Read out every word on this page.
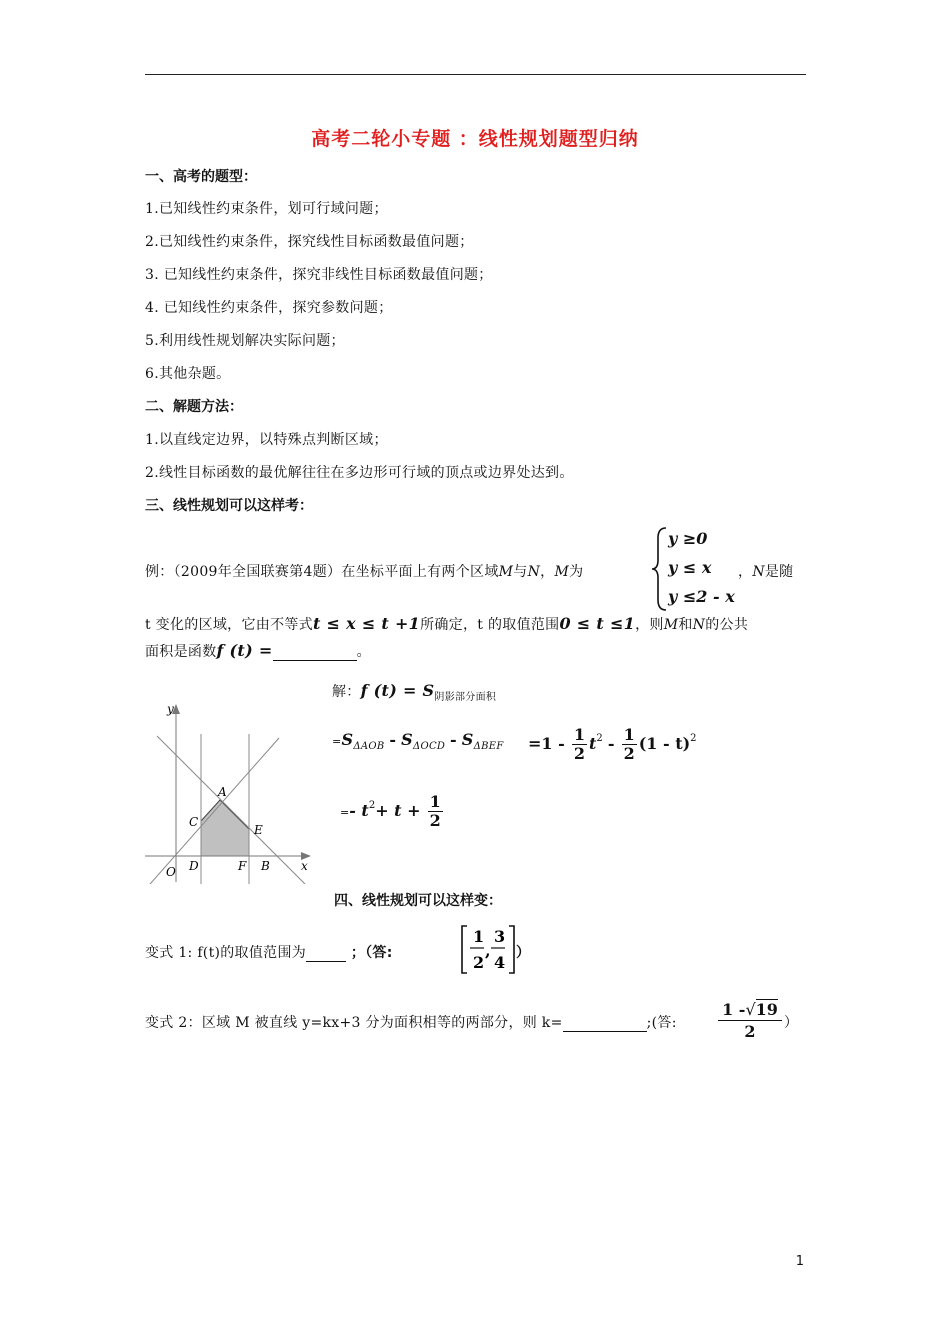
高考二轮小专题 ：线性规划题型归纳
一、高考的题型：
1.已知线性约束条件，划可行域问题；
2.已知线性约束条件，探究线性目标函数最值问题；
3. 已知线性约束条件，探究非线性目标函数最值问题；
4. 已知线性约束条件，探究参数问题；
5.利用线性规划解决实际问题；
6.其他杂题。
二、解题方法：
1.以直线定边界，以特殊点判断区域；
2.线性目标函数的最优解往往在多边形可行域的顶点或边界处达到。
三、线性规划可以这样考：
例：（2009年全国联赛第4题）在坐标平面上有两个区域M与N，M为
y ≥0
y ≤ x
y ≤2 - x
，N是随
t 变化的区域，它由不等式t ≤ x ≤ t +1所确定，t 的取值范围0 ≤ t ≤1，则M和N的公共
面积是函数f (t) =	。
y
x
A
C
E
O D	F B
解：f $(t) = S_{阴影部分面积}$
$=S_{\Delta AOB} - S_{\Delta OCD} - S_{\Delta BEF} =1 - \frac{1}{2} t^2 - \frac{1}{2} (1 - t)^2$
=- $t^2+ t + \frac{1}{2}$
四、线性规划可以这样变：
变式 1: f(t)的取值范围为	；（答:
1
2
,
3
4 ）
变式 2：区域 M 被直线 y=kx+3 分为面积相等的两部分，则 k=	;(答:	$\frac{1 -√19}{2}$ ）
1
